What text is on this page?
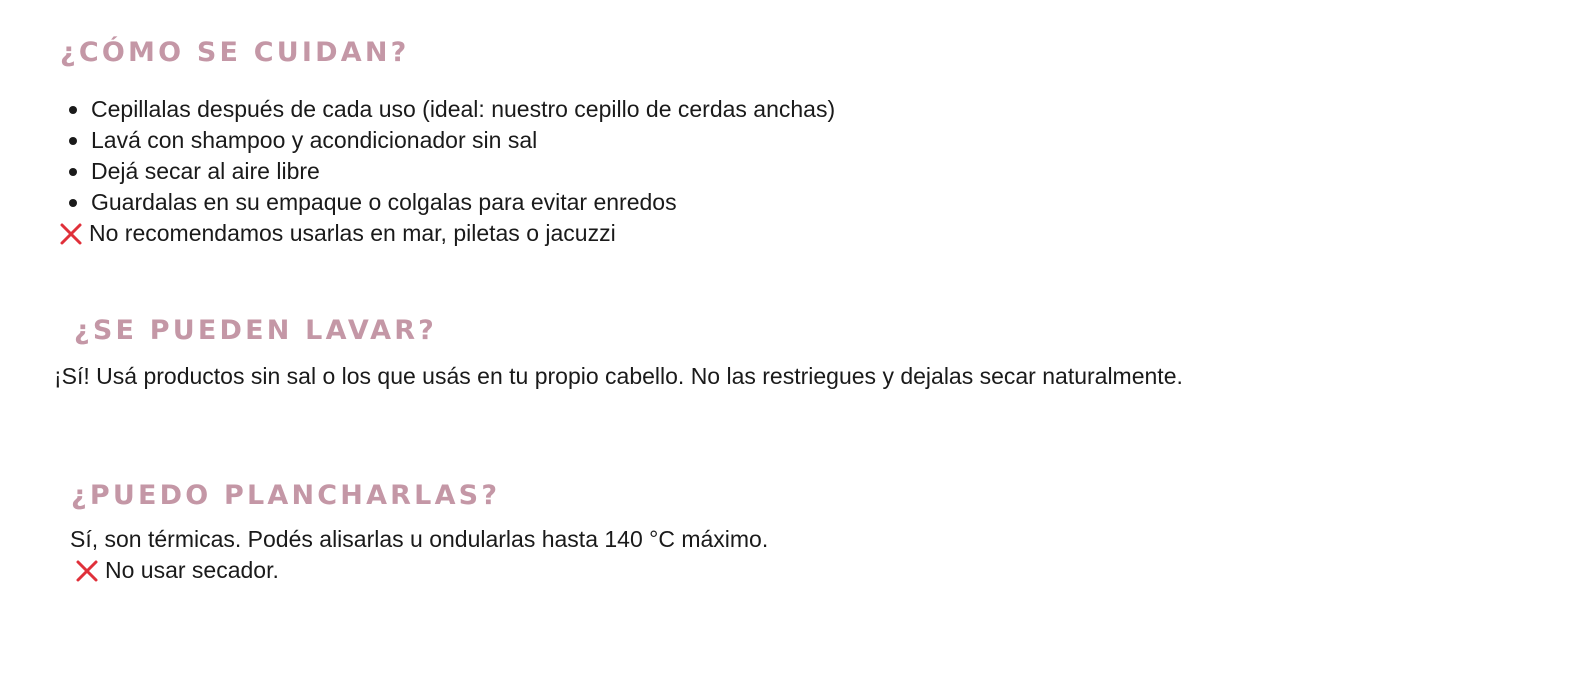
¿CÓMO SE CUIDAN?
Cepillalas después de cada uso (ideal: nuestro cepillo de cerdas anchas)
Lavá con shampoo y acondicionador sin sal
Dejá secar al aire libre
Guardalas en su empaque o colgalas para evitar enredos
No recomendamos usarlas en mar, piletas o jacuzzi
¿SE PUEDEN LAVAR?
¡Sí! Usá productos sin sal o los que usás en tu propio cabello. No las restriegues y dejalas secar naturalmente.
¿PUEDO PLANCHARLAS?
Sí, son térmicas. Podés alisarlas u ondularlas hasta 140 °C máximo.
No usar secador.
